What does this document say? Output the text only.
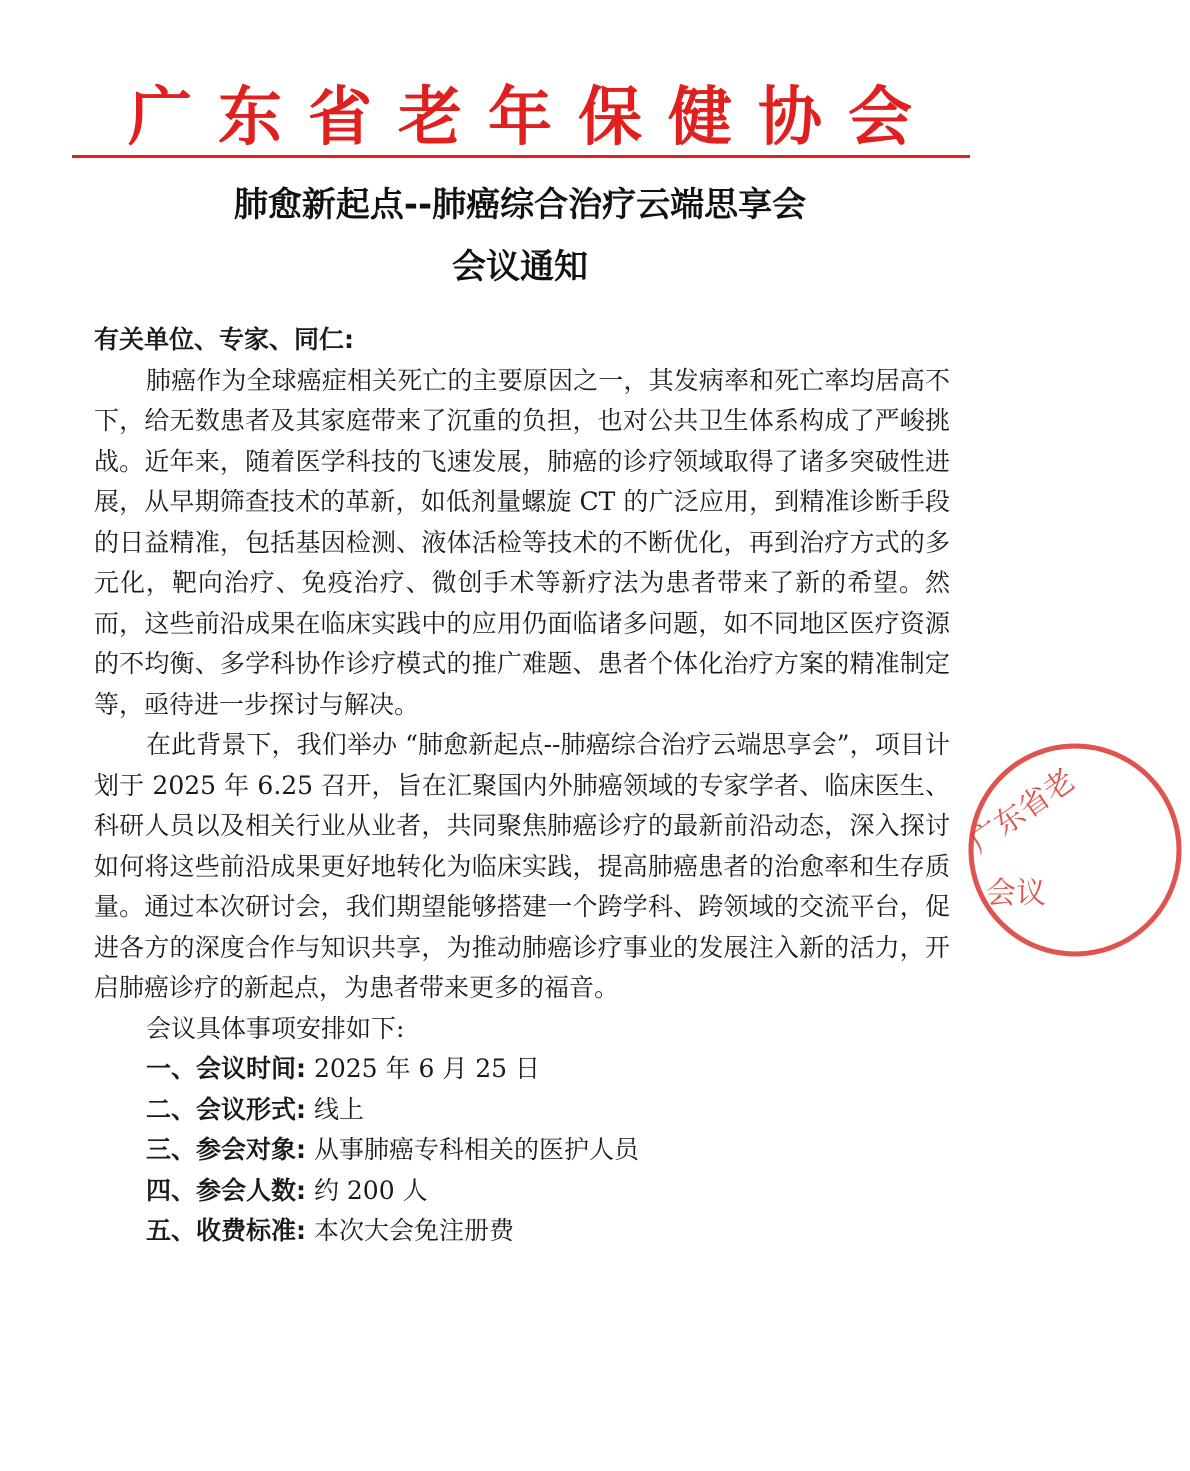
广东省老年保健协会
肺愈新起点--肺癌综合治疗云端思享会
会议通知

有关单位、专家、同仁:

肺癌作为全球癌症相关死亡的主要原因之一，其发病率和死亡率均居高不下，给无数患者及其家庭带来了沉重的负担，也对公共卫生体系构成了严峻挑战。近年来，随着医学科技的飞速发展，肺癌的诊疗领域取得了诸多突破性进展，从早期筛查技术的革新，如低剂量螺旋 CT 的广泛应用，到精准诊断手段的日益精准，包括基因检测、液体活检等技术的不断优化，再到治疗方式的多元化，靶向治疗、免疫治疗、微创手术等新疗法为患者带来了新的希望。然而，这些前沿成果在临床实践中的应用仍面临诸多问题，如不同地区医疗资源的不均衡、多学科协作诊疗模式的推广难题、患者个体化治疗方案的精准制定等，亟待进一步探讨与解决。

在此背景下，我们举办 “肺愈新起点--肺癌综合治疗云端思享会”，项目计划于 2025 年 6.25 召开，旨在汇聚国内外肺癌领域的专家学者、临床医生、科研人员以及相关行业从业者，共同聚焦肺癌诊疗的最新前沿动态，深入探讨如何将这些前沿成果更好地转化为临床实践，提高肺癌患者的治愈率和生存质量。通过本次研讨会，我们期望能够搭建一个跨学科、跨领域的交流平台，促进各方的深度合作与知识共享，为推动肺癌诊疗事业的发展注入新的活力，开启肺癌诊疗的新起点，为患者带来更多的福音。

会议具体事项安排如下:

一、会议时间: 2025 年 6 月 25 日

二、会议形式: 线上

三、参会对象: 从事肺癌专科相关的医护人员

四、参会人数: 约 200 人

五、收费标准: 本次大会免注册费

广东省老
会议
